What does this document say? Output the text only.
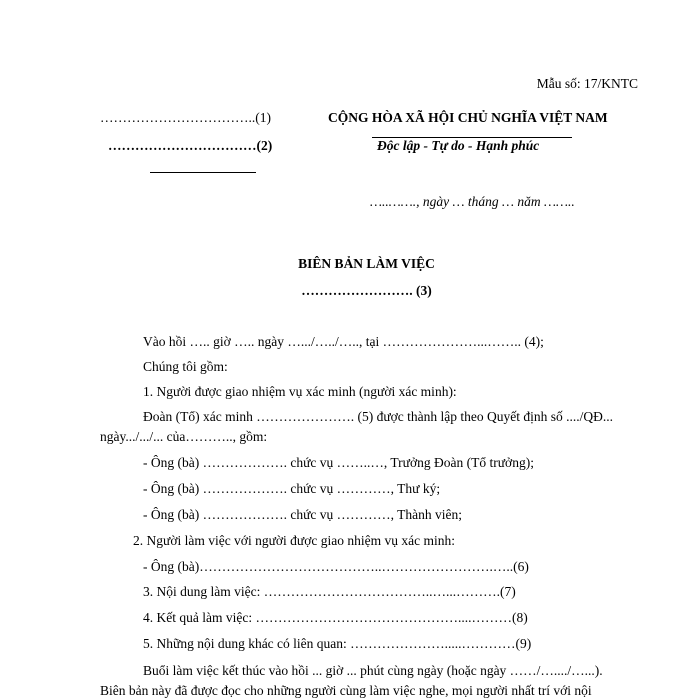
Mẫu số: 17/KNTC
……………………………..(1)
……………………………(2)
CỘNG HÒA XÃ HỘI CHỦ NGHĨA VIỆT NAM
Độc lập - Tự do - Hạnh phúc
…..……., ngày … tháng … năm ……..
BIÊN BẢN LÀM VIỆC
……………………. (3)
Vào hồi ….. giờ ….. ngày ….../…../….., tại …………………...…….. (4);
Chúng tôi gồm:
1. Người được giao nhiệm vụ xác minh (người xác minh):
Đoàn (Tổ) xác minh …………………. (5) được thành lập theo Quyết định số ..../QĐ...
ngày.../.../... của……….., gồm:
- Ông (bà) ………………. chức vụ ……..…, Trưởng Đoàn (Tổ trưởng);
- Ông (bà) ………………. chức vụ …………, Thư ký;
- Ông (bà) ………………. chức vụ …………, Thành viên;
2. Người làm việc với người được giao nhiệm vụ xác minh:
- Ông (bà)…………………………………..…………………….…..(6)
3. Nội dung làm việc: ………………………………..…...……….(7)
4. Kết quả làm việc: ………………………………………....………(8)
5. Những nội dung khác có liên quan: ………………….....…………(9)
Buổi làm việc kết thúc vào hồi ... giờ ... phút cùng ngày (hoặc ngày ……/…..../…...).
Biên bản này đã được đọc cho những người cùng làm việc nghe, mọi người nhất trí với nội
